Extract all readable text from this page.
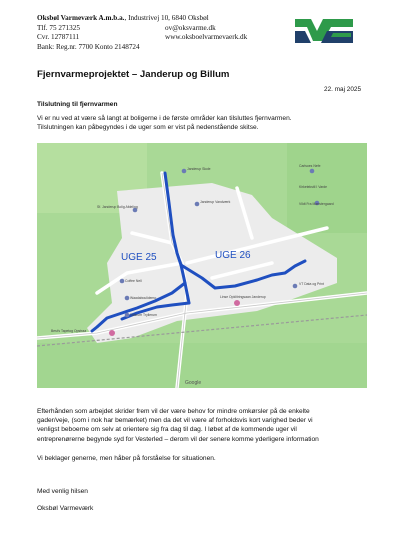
Oksbøl Varmeværk A.m.b.a., Industrivej 10, 6840 Oksbøl
Tlf. 75 271325	ov@oksvarme.dk
Cvr. 12787111	www.oksboelvarmevaerk.dk
Bank: Reg.nr. 7700 Konto 2148724
Fjernvarmeprojektet – Janderup og Billum
22. maj 2025
Tilslutning til fjernvarmen

Vi er nu ved at være så langt at boligerne i de første områder kan tilsluttes fjernvarmen.

Tilslutningen kan påbegyndes i de uger som er vist på nedenstående skitse.

Janderup Skole
Sf. Janderup Bolig Afdeling
Janderup Vandværk
Carlsoes Nefe
Kirketekstil I Varde
Coffee Nell
Waadaboulidemo
Tidsrum Tryllerum
Vildt Fra Mønstergaard
Linse Opklitringsaan Janderup
VT Data og Print
Best's Tapetog Opstraa
UGE 25	UGE 26
Google

Efterhånden som arbejdet skrider frem vil der være behov for mindre omkørsler på de enkelte

gader/veje, (som i nok har bemærket) men da det vil være af forholdsvis kort varighed beder vi

venligst beboerne om selv at orientere sig fra dag til dag. I løbet af de kommende uger vil

entreprenørerne begynde syd for Vesterled – derom vil der senere komme yderligere information

Vi beklager generne, men håber på forståelse for situationen.

Med venlig hilsen
Oksbøl Varmeværk
